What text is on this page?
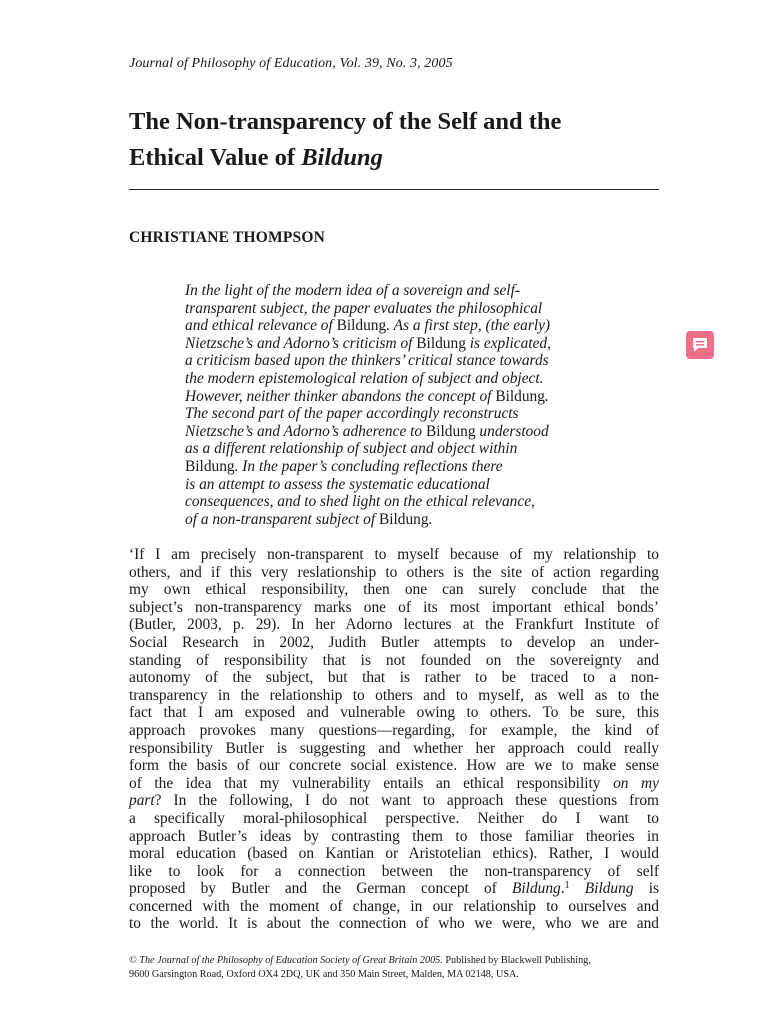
Journal of Philosophy of Education, Vol. 39, No. 3, 2005
The Non-transparency of the Self and the
Ethical Value of Bildung
CHRISTIANE THOMPSON
In the light of the modern idea of a sovereign and self-
transparent subject, the paper evaluates the philosophical
and ethical relevance of Bildung. As a first step, (the early)
Nietzsche’s and Adorno’s criticism of Bildung is explicated,
a criticism based upon the thinkers’ critical stance towards
the modern epistemological relation of subject and object.
However, neither thinker abandons the concept of Bildung.
The second part of the paper accordingly reconstructs
Nietzsche’s and Adorno’s adherence to Bildung understood
as a different relationship of subject and object within
Bildung. In the paper’s concluding reflections there
is an attempt to assess the systematic educational
consequences, and to shed light on the ethical relevance,
of a non-transparent subject of Bildung.
‘If I am precisely non-transparent to myself because of my relationship to
others, and if this very reslationship to others is the site of action regarding
my own ethical responsibility, then one can surely conclude that the
subject’s non-transparency marks one of its most important ethical bonds’
(Butler, 2003, p. 29). In her Adorno lectures at the Frankfurt Institute of
Social Research in 2002, Judith Butler attempts to develop an under-
standing of responsibility that is not founded on the sovereignty and
autonomy of the subject, but that is rather to be traced to a non-
transparency in the relationship to others and to myself, as well as to the
fact that I am exposed and vulnerable owing to others. To be sure, this
approach provokes many questions—regarding, for example, the kind of
responsibility Butler is suggesting and whether her approach could really
form the basis of our concrete social existence. How are we to make sense
of the idea that my vulnerability entails an ethical responsibility on my
part? In the following, I do not want to approach these questions from
a specifically moral-philosophical perspective. Neither do I want to
approach Butler’s ideas by contrasting them to those familiar theories in
moral education (based on Kantian or Aristotelian ethics). Rather, I would
like to look for a connection between the non-transparency of self
proposed by Butler and the German concept of Bildung.$^1$ Bildung is
concerned with the moment of change, in our relationship to ourselves and
to the world. It is about the connection of who we were, who we are and
© The Journal of the Philosophy of Education Society of Great Britain 2005. Published by Blackwell Publishing,
9600 Garsington Road, Oxford OX4 2DQ, UK and 350 Main Street, Malden, MA 02148, USA.
